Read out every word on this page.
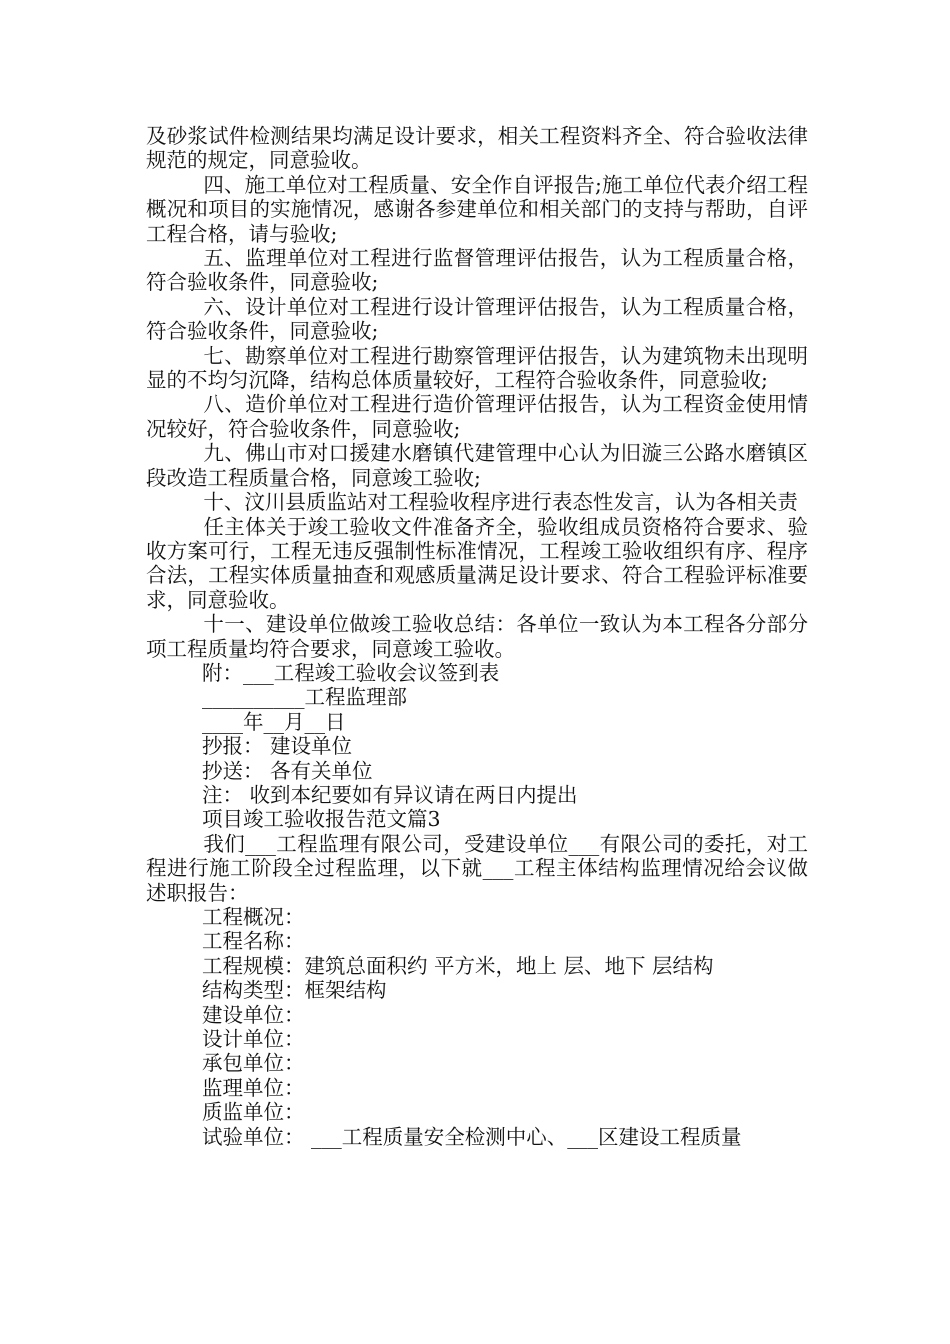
及砂浆试件检测结果均满足设计要求，相关工程资料齐全、符合验收法律规范的规定，同意验收。

四、施工单位对工程质量、安全作自评报告;施工单位代表介绍工程概况和项目的实施情况，感谢各参建单位和相关部门的支持与帮助，自评工程合格，请与验收;

五、监理单位对工程进行监督管理评估报告，认为工程质量合格，符合验收条件，同意验收;

六、设计单位对工程进行设计管理评估报告，认为工程质量合格，符合验收条件，同意验收;

七、勘察单位对工程进行勘察管理评估报告，认为建筑物未出现明显的不均匀沉降，结构总体质量较好，工程符合验收条件，同意验收;

八、造价单位对工程进行造价管理评估报告，认为工程资金使用情况较好，符合验收条件，同意验收;

九、佛山市对口援建水磨镇代建管理中心认为旧漩三公路水磨镇区段改造工程质量合格，同意竣工验收;

十、汶川县质监站对工程验收程序进行表态性发言，认为各相关责

任主体关于竣工验收文件准备齐全，验收组成员资格符合要求、验收方案可行，工程无违反强制性标准情况，工程竣工验收组织有序、程序合法，工程实体质量抽查和观感质量满足设计要求、符合工程验评标准要求，同意验收。

十一、建设单位做竣工验收总结：各单位一致认为本工程各分部分项工程质量均符合要求，同意竣工验收。

附：___工程竣工验收会议签到表

__________工程监理部

____年__月__日

抄报： 建设单位

抄送： 各有关单位

注： 收到本纪要如有异议请在两日内提出

项目竣工验收报告范文篇3

我们___工程监理有限公司，受建设单位___有限公司的委托，对工程进行施工阶段全过程监理，以下就___工程主体结构监理情况给会议做述职报告：

工程概况：

工程名称：

工程规模：建筑总面积约 平方米，地上 层、地下 层结构

结构类型：框架结构

建设单位：

设计单位：

承包单位：

监理单位：

质监单位：

试验单位： ___工程质量安全检测中心、___区建设工程质量
